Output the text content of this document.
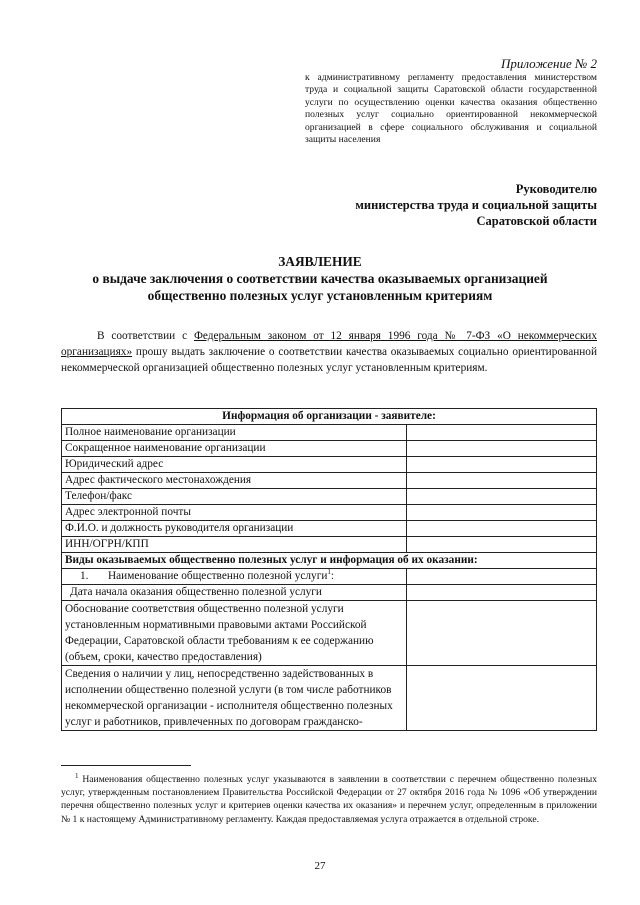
Приложение № 2
к административному регламенту предоставления министерством труда и социальной защиты Саратовской области государственной услуги по осуществлению оценки качества оказания общественно полезных услуг социально ориентированной некоммерческой организацией в сфере социального обслуживания и социальной защиты населения
Руководителю
министерства труда и социальной защиты
Саратовской области
ЗАЯВЛЕНИЕ
о выдаче заключения о соответствии качества оказываемых организацией
общественно полезных услуг установленным критериям
В соответствии с Федеральным законом от 12 января 1996 года № 7-ФЗ «О некоммерческих организациях» прошу выдать заключение о соответствии качества оказываемых социально ориентированной некоммерческой организацией общественно полезных услуг установленным критериям.
Информация об организации - заявителе:	
Полное наименование организации	
Сокращенное наименование организации	
Юридический адрес	
Адрес фактического местонахождения	
Телефон/факс	
Адрес электронной почты	
Ф.И.О. и должность руководителя организации	
ИНН/ОГРН/КПП	
Виды оказываемых общественно полезных услуг и информация об их оказании:	
1. Наименование общественно полезной услуги$^1$:	
Дата начала оказания общественно полезной услуги	
Обоснование соответствия общественно полезной услуги установленным нормативными правовыми актами Российской Федерации, Саратовской области требованиям к ее содержанию (объем, сроки, качество предоставления)	
Сведения о наличии у лиц, непосредственно задействованных в исполнении общественно полезной услуги (в том числе работников некоммерческой организации - исполнителя общественно полезных услуг и работников, привлеченных по договорам гражданско-	
$^1$ Наименования общественно полезных услуг указываются в заявлении в соответствии с перечнем общественно полезных услуг, утвержденным постановлением Правительства Российской Федерации от 27 октября 2016 года № 1096 «Об утверждении перечня общественно полезных услуг и критериев оценки качества их оказания» и перечнем услуг, определенным в приложении № 1 к настоящему Административному регламенту. Каждая предоставляемая услуга отражается в отдельной строке.
27
